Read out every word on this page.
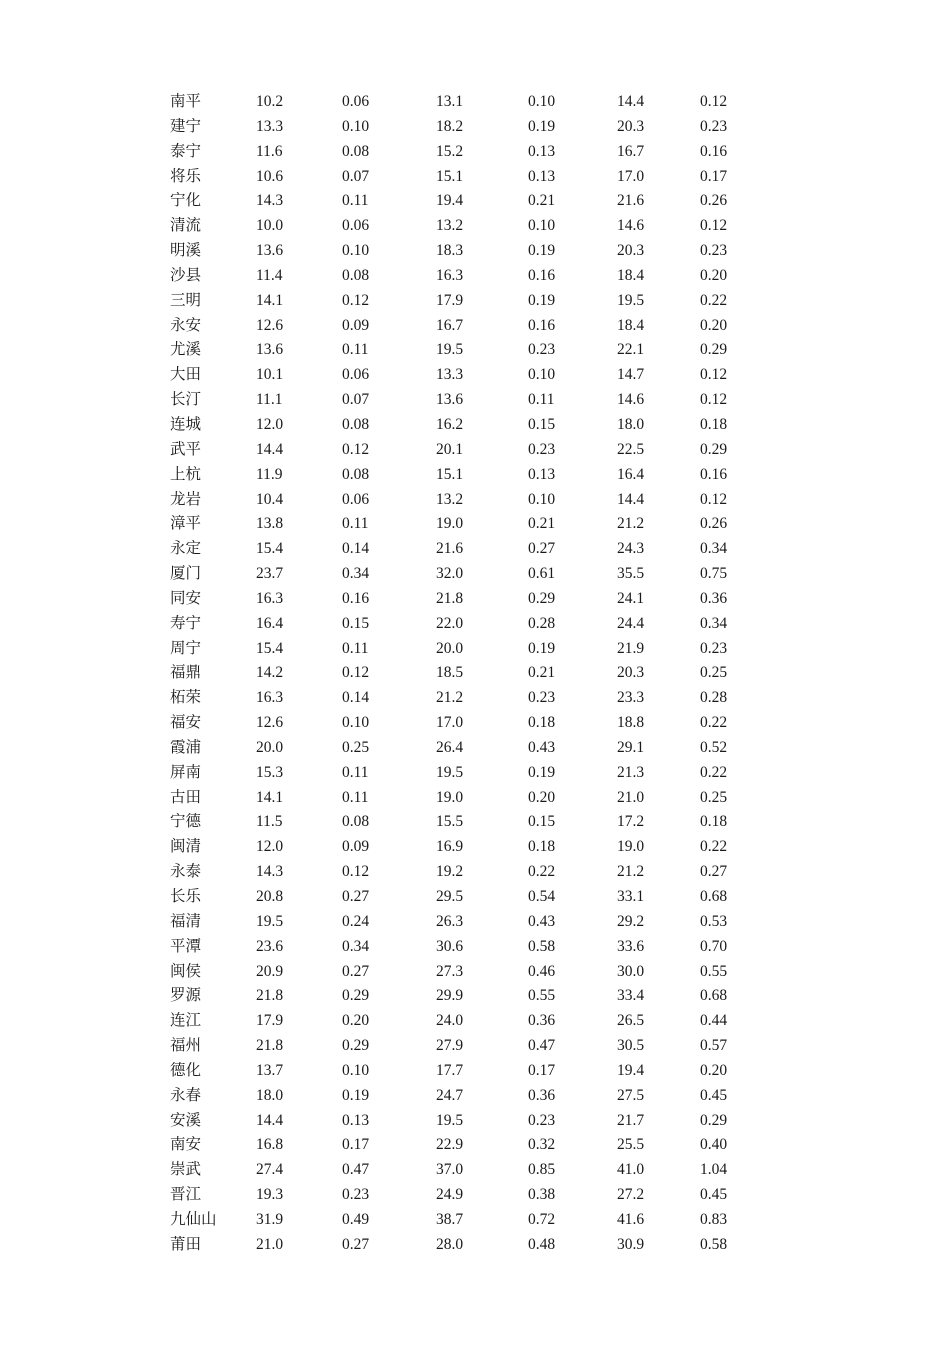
南平	10.2	0.06	13.1	0.10	14.4	0.12
建宁	13.3	0.10	18.2	0.19	20.3	0.23
泰宁	11.6	0.08	15.2	0.13	16.7	0.16
将乐	10.6	0.07	15.1	0.13	17.0	0.17
宁化	14.3	0.11	19.4	0.21	21.6	0.26
清流	10.0	0.06	13.2	0.10	14.6	0.12
明溪	13.6	0.10	18.3	0.19	20.3	0.23
沙县	11.4	0.08	16.3	0.16	18.4	0.20
三明	14.1	0.12	17.9	0.19	19.5	0.22
永安	12.6	0.09	16.7	0.16	18.4	0.20
尤溪	13.6	0.11	19.5	0.23	22.1	0.29
大田	10.1	0.06	13.3	0.10	14.7	0.12
长汀	11.1	0.07	13.6	0.11	14.6	0.12
连城	12.0	0.08	16.2	0.15	18.0	0.18
武平	14.4	0.12	20.1	0.23	22.5	0.29
上杭	11.9	0.08	15.1	0.13	16.4	0.16
龙岩	10.4	0.06	13.2	0.10	14.4	0.12
漳平	13.8	0.11	19.0	0.21	21.2	0.26
永定	15.4	0.14	21.6	0.27	24.3	0.34
厦门	23.7	0.34	32.0	0.61	35.5	0.75
同安	16.3	0.16	21.8	0.29	24.1	0.36
寿宁	16.4	0.15	22.0	0.28	24.4	0.34
周宁	15.4	0.11	20.0	0.19	21.9	0.23
福鼎	14.2	0.12	18.5	0.21	20.3	0.25
柘荣	16.3	0.14	21.2	0.23	23.3	0.28
福安	12.6	0.10	17.0	0.18	18.8	0.22
霞浦	20.0	0.25	26.4	0.43	29.1	0.52
屏南	15.3	0.11	19.5	0.19	21.3	0.22
古田	14.1	0.11	19.0	0.20	21.0	0.25
宁德	11.5	0.08	15.5	0.15	17.2	0.18
闽清	12.0	0.09	16.9	0.18	19.0	0.22
永泰	14.3	0.12	19.2	0.22	21.2	0.27
长乐	20.8	0.27	29.5	0.54	33.1	0.68
福清	19.5	0.24	26.3	0.43	29.2	0.53
平潭	23.6	0.34	30.6	0.58	33.6	0.70
闽侯	20.9	0.27	27.3	0.46	30.0	0.55
罗源	21.8	0.29	29.9	0.55	33.4	0.68
连江	17.9	0.20	24.0	0.36	26.5	0.44
福州	21.8	0.29	27.9	0.47	30.5	0.57
德化	13.7	0.10	17.7	0.17	19.4	0.20
永春	18.0	0.19	24.7	0.36	27.5	0.45
安溪	14.4	0.13	19.5	0.23	21.7	0.29
南安	16.8	0.17	22.9	0.32	25.5	0.40
崇武	27.4	0.47	37.0	0.85	41.0	1.04
晋江	19.3	0.23	24.9	0.38	27.2	0.45
九仙山	31.9	0.49	38.7	0.72	41.6	0.83
莆田	21.0	0.27	28.0	0.48	30.9	0.58
